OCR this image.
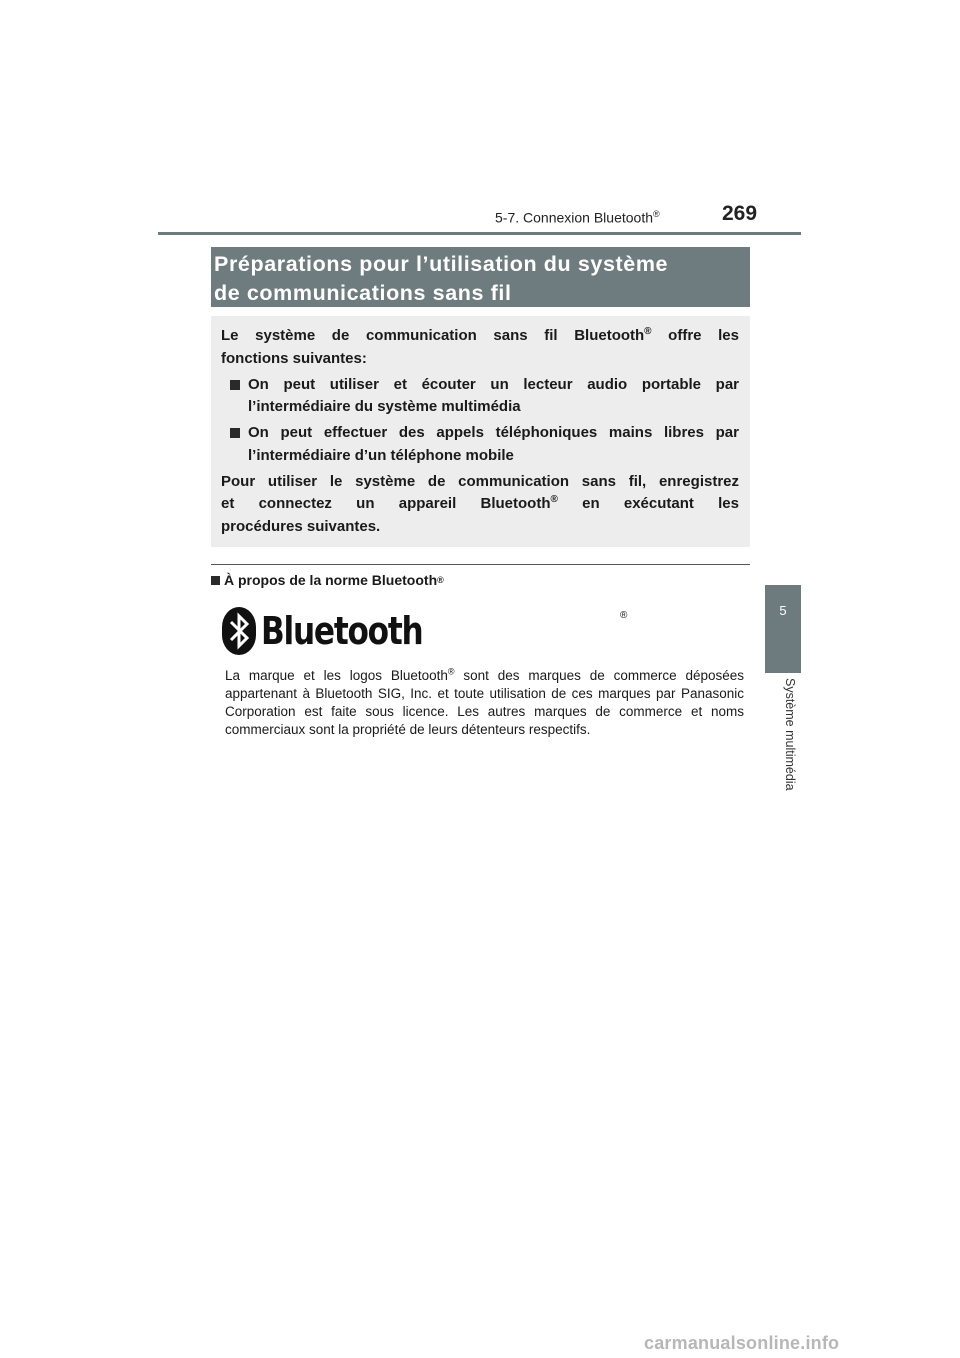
5-7. Connexion Bluetooth®	269
5
Système multimédia
Préparations pour l’utilisation du système
de communications sans fil

Le système de communication sans fil Bluetooth® offre les
fonctions suivantes:

On peut utiliser et écouter un lecteur audio portable par l’intermédiaire du système multimédia
On peut effectuer des appels téléphoniques mains libres par l’intermédiaire d’un téléphone mobile

Pour utiliser le système de communication sans fil, enregistrez
et connectez un appareil Bluetooth® en exécutant les
procédures suivantes.

À propos de la norme Bluetooth ®
Bluetooth	®

La marque et les logos Bluetooth® sont des marques de commerce déposées appartenant à Bluetooth SIG, Inc. et toute utilisation de ces marques par Panasonic Corporation est faite sous licence. Les autres marques de commerce et noms commerciaux sont la propriété de leurs détenteurs respectifs.

carmanualsonline.info
